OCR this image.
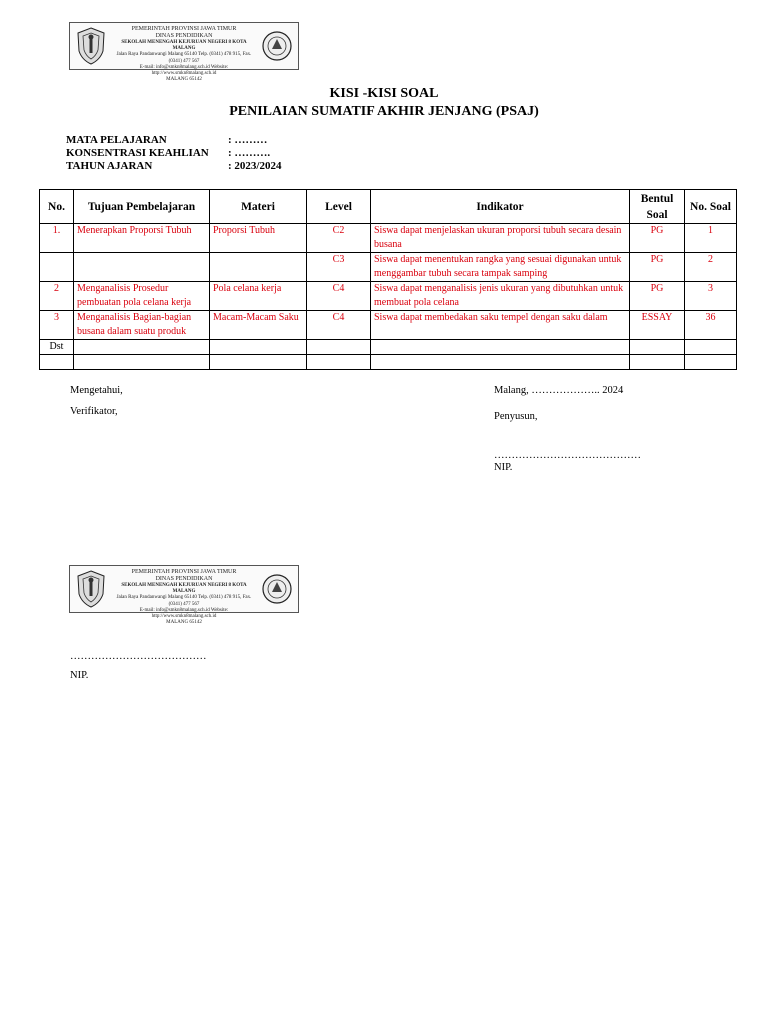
PEMERINTAH PROVINSI JAWA TIMUR
DINAS PENDIDIKAN
SEKOLAH MENENGAH KEJURUAN NEGERI 8 KOTA MALANG
Jalan Raya Pandanwangi Malang 65140 Telp. (0341) 478 915, Fax. (0341) 477 567
E-mail: info@smkn8malang.sch.id Website: http://www.smkn8malang.sch.id
MALANG 65142
KISI -KISI SOAL
PENILAIAN SUMATIF AKHIR JENJANG (PSAJ)
MATA PELAJARAN	: ………
KONSENTRASI KEAHLIAN	: ……….
TAHUN AJARAN	: 2023/2024
No.	Tujuan Pembelajaran	Materi	Level	Indikator	Bentul Soal	No. Soal
1.	Menerapkan Proporsi Tubuh	Proporsi Tubuh	C2	Siswa dapat menjelaskan ukuran proporsi tubuh secara desain busana	PG	1
			C3	Siswa dapat menentukan rangka yang sesuai digunakan untuk menggambar tubuh secara tampak samping	PG	2
2	Menganalisis Prosedur pembuatan pola celana kerja	Pola celana kerja	C4	Siswa dapat menganalisis jenis ukuran yang dibutuhkan untuk membuat pola celana	PG	3
3	Menganalisis Bagian-bagian busana dalam suatu produk	Macam-Macam Saku	C4	Siswa dapat membedakan saku tempel dengan saku dalam	ESSAY	36
Dst						

Mengetahui,
Verifikator,
Malang, ……………….. 2024
Penyusun,
……………………………………
NIP.
PEMERINTAH PROVINSI JAWA TIMUR
DINAS PENDIDIKAN
SEKOLAH MENENGAH KEJURUAN NEGERI 8 KOTA MALANG
Jalan Raya Pandanwangi Malang 65140 Telp. (0341) 478 915, Fax. (0341) 477 567
E-mail: info@smkn8malang.sch.id Website: http://www.smkn8malang.sch.id
MALANG 65142
…………………………………
NIP.
